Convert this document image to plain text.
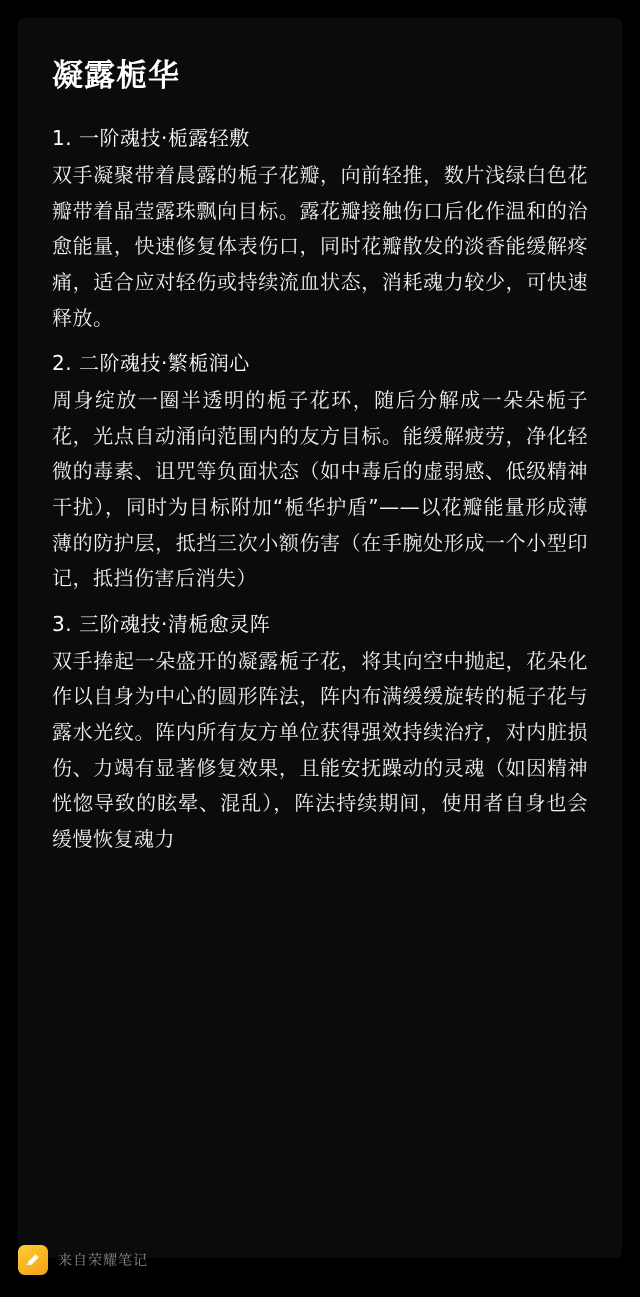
凝露栀华

1. 一阶魂技·栀露轻敷

双手凝聚带着晨露的栀子花瓣，向前轻推，数片浅绿白色花瓣带着晶莹露珠飘向目标。露花瓣接触伤口后化作温和的治愈能量，快速修复体表伤口，同时花瓣散发的淡香能缓解疼痛，适合应对轻伤或持续流血状态，消耗魂力较少，可快速释放。

2. 二阶魂技·繁栀润心

周身绽放一圈半透明的栀子花环，随后分解成一朵朵栀子花，光点自动涌向范围内的友方目标。能缓解疲劳，净化轻微的毒素、诅咒等负面状态（如中毒后的虚弱感、低级精神干扰），同时为目标附加“栀华护盾”——以花瓣能量形成薄薄的防护层，抵挡三次小额伤害（在手腕处形成一个小型印记，抵挡伤害后消失）

3. 三阶魂技·清栀愈灵阵

双手捧起一朵盛开的凝露栀子花，将其向空中抛起，花朵化作以自身为中心的圆形阵法，阵内布满缓缓旋转的栀子花与露水光纹。阵内所有友方单位获得强效持续治疗，对内脏损伤、力竭有显著修复效果，且能安抚躁动的灵魂（如因精神恍惚导致的眩晕、混乱），阵法持续期间，使用者自身也会缓慢恢复魂力

来自荣耀笔记
